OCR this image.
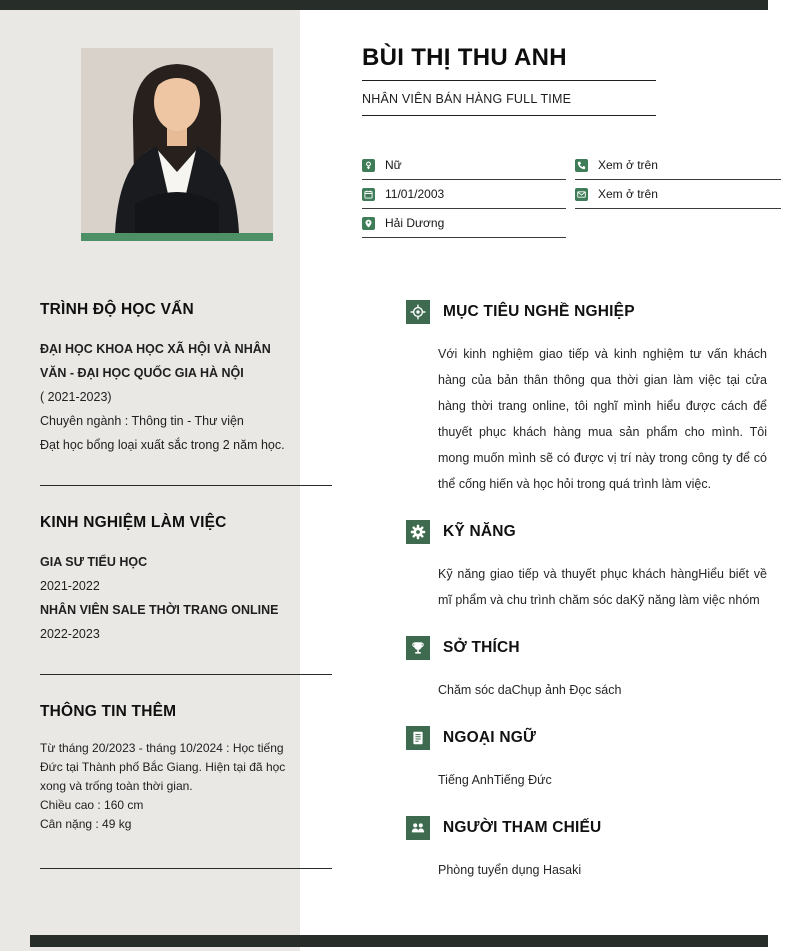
TRÌNH ĐỘ HỌC VẤN

ĐẠI HỌC KHOA HỌC XÃ HỘI VÀ NHÂN VĂN - ĐẠI HỌC QUỐC GIA HÀ NỘI

( 2021-2023)

Chuyên ngành : Thông tin - Thư viện

Đạt học bổng loại xuất sắc trong 2 năm học.

KINH NGHIỆM LÀM VIỆC

GIA SƯ TIỂU HỌC

2021-2022

NHÂN VIÊN SALE THỜI TRANG ONLINE

2022-2023

THÔNG TIN THÊM

Từ tháng 20/2023 - tháng 10/2024 : Học tiếng Đức tại Thành phố Bắc Giang. Hiện tại đã học xong và trống toàn thời gian.

Chiều cao : 160 cm

Cân nặng : 49 kg

BÙI THỊ THU ANH
NHÂN VIÊN BÁN HÀNG FULL TIME
Nữ	Xem ở trên
11/01/2003	Xem ở trên
Hải Dương
MỤC TIÊU NGHỀ NGHIỆP

Với kinh nghiệm giao tiếp và kinh nghiệm tư vấn khách hàng của bản thân thông qua thời gian làm việc tại cửa hàng thời trang online, tôi nghĩ mình hiểu được cách để thuyết phục khách hàng mua sản phẩm cho mình. Tôi mong muốn mình sẽ có được vị trí này trong công ty để có thể cống hiến và học hỏi trong quá trình làm việc.

KỸ NĂNG

Kỹ năng giao tiếp và thuyết phục khách hàngHiểu biết về mĩ phẩm và chu trình chăm sóc daKỹ năng làm việc nhóm

SỞ THÍCH

Chăm sóc daChụp ảnh Đọc sách

NGOẠI NGỮ

Tiếng AnhTiếng Đức

NGƯỜI THAM CHIẾU

Phòng tuyển dụng Hasaki
